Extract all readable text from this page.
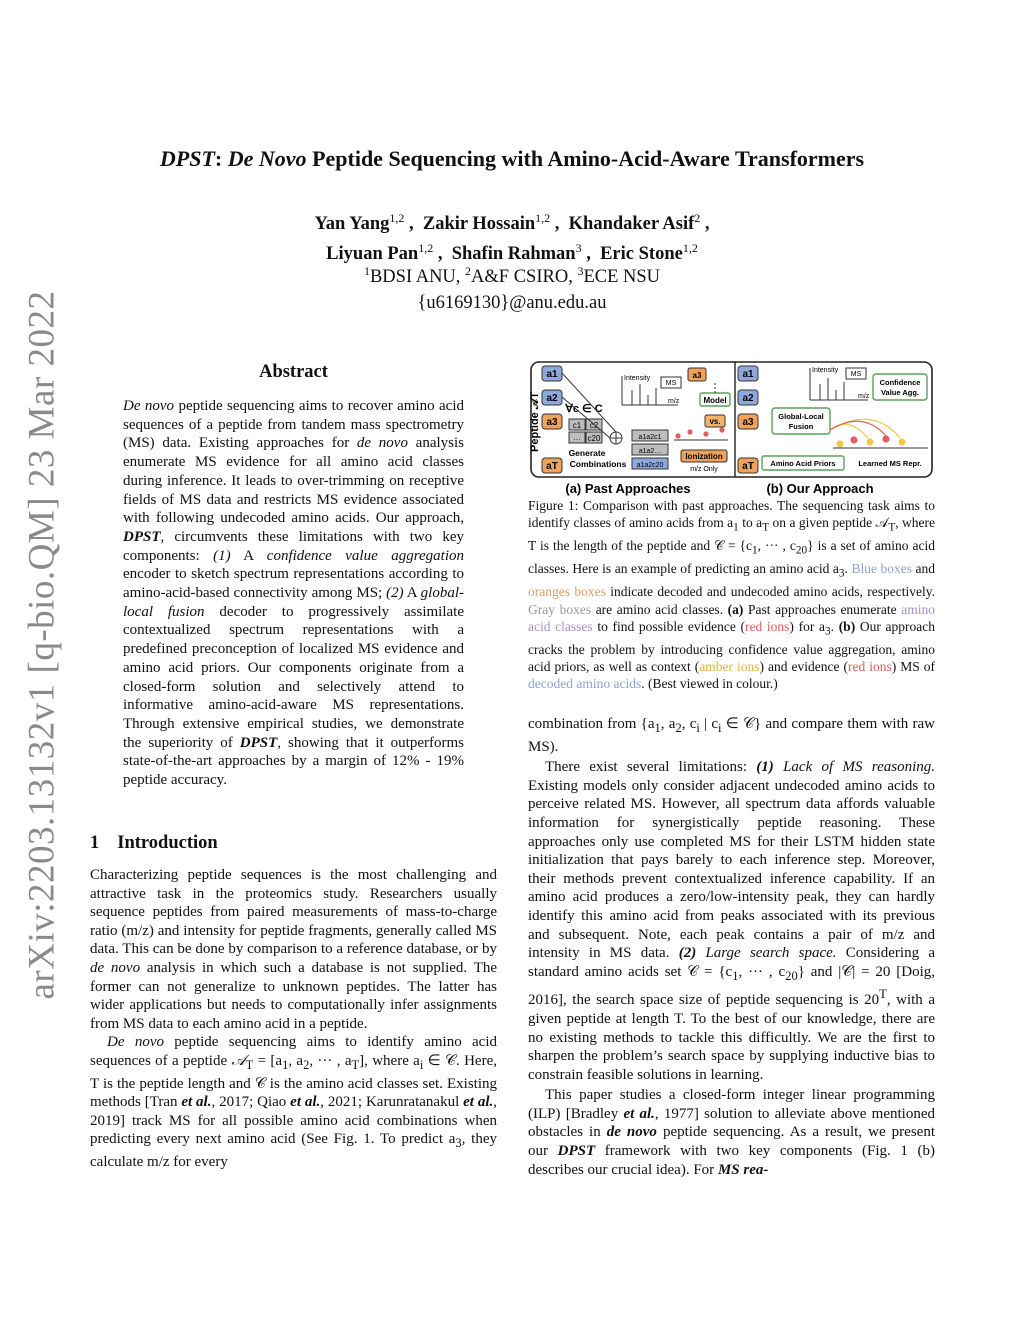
arXiv:2203.13132v1 [q-bio.QM] 23 Mar 2022
DPST: De Novo Peptide Sequencing with Amino-Acid-Aware Transformers
Yan Yang$^{1,2}$ ,  Zakir Hossain$^{1,2}$ ,  Khandaker Asif$^2$ ,
Liyuan Pan$^{1,2}$ ,  Shafin Rahman$^3$ ,  Eric Stone$^{1,2}$
$^1$BDSI ANU, $^2$A&F CSIRO, $^3$ECE NSU
{u6169130}@anu.edu.au
Abstract
De novo peptide sequencing aims to recover amino acid sequences of a peptide from tandem mass spectrometry (MS) data. Existing approaches for de novo analysis enumerate MS evidence for all amino acid classes during inference. It leads to over-trimming on receptive fields of MS data and restricts MS evidence associated with following undecoded amino acids. Our approach, DPST, circumvents these limitations with two key components: (1) A confidence value aggregation encoder to sketch spectrum representations according to amino-acid-based connectivity among MS; (2) A global-local fusion decoder to progressively assimilate contextualized spectrum representations with a predefined preconception of localized MS evidence and amino acid priors. Our components originate from a closed-form solution and selectively attend to informative amino-acid-aware MS representations. Through extensive empirical studies, we demonstrate the superiority of DPST, showing that it outperforms state-of-the-art approaches by a margin of 12% - 19% peptide accuracy.
1 Introduction

Characterizing peptide sequences is the most challenging and attractive task in the proteomics study. Researchers usually sequence peptides from paired measurements of mass-to-charge ratio (m/z) and intensity for peptide fragments, generally called MS data. This can be done by comparison to a reference database, or by de novo analysis in which such a database is not supplied. The former can not generalize to unknown peptides. The latter has wider applications but needs to computationally infer assignments from MS data to each amino acid in a peptide.

De novo peptide sequencing aims to identify amino acid sequences of a peptide 𝒜$_T$ = [$a_1$, $a_2$, ··· , $a_T$], where $a_i$ ∈ 𝒞. Here, T is the peptide length and 𝒞 is the amino acid classes set. Existing methods [Tran et al., 2017; Qiao et al., 2021; Karunratanakul et al., 2019] track MS for all possible amino acid combinations when predicting every next amino acid (See Fig. 1. To predict $a_3$, they calculate m/z for every

Peptide 𝒜T
a1
a2
a3
aT
∀c ∈ C
c1 c2
… c20
Generate
Combinations
Intensity
MS
m/z
a3
Model
vs.
a1a2c1
a1a2…
a1a2c20
Ionization
m/z Only
a1
a2
a3
aT
Intensity
MS
m/z
Confidence
Value Agg.
Global-Local
Fusion
Amino Acid Priors	Learned MS Repr.
(a) Past Approaches	(b) Our Approach
Figure 1: Comparison with past approaches. The sequencing task aims to identify classes of amino acids from $a_1$ to $a_T$ on a given peptide 𝒜$_T$, where T is the length of the peptide and 𝒞 = {$c_1$, ··· , $c_{20}$} is a set of amino acid classes. Here is an example of predicting an amino acid $a_3$. Blue boxes and oranges boxes indicate decoded and undecoded amino acids, respectively. Gray boxes are amino acid classes. (a) Past approaches enumerate amino acid classes to find possible evidence (red ions) for $a_3$. (b) Our approach cracks the problem by introducing confidence value aggregation, amino acid priors, as well as context (amber ions) and evidence (red ions) MS of decoded amino acids. (Best viewed in colour.)

combination from {$a_1$, $a_2$, $c_i$ | $c_i$ ∈ 𝒞} and compare them with raw MS).

There exist several limitations: (1) Lack of MS reasoning. Existing models only consider adjacent undecoded amino acids to perceive related MS. However, all spectrum data affords valuable information for synergistically peptide reasoning. These approaches only use completed MS for their LSTM hidden state initialization that pays barely to each inference step. Moreover, their methods prevent contextualized inference capability. If an amino acid produces a zero/low-intensity peak, they can hardly identify this amino acid from peaks associated with its previous and subsequent. Note, each peak contains a pair of m/z and intensity in MS data. (2) Large search space. Considering a standard amino acids set 𝒞 = {$c_1$, ··· , $c_{20}$} and |𝒞| = 20 [Doig, 2016], the search space size of peptide sequencing is $20^T$, with a given peptide at length T. To the best of our knowledge, there are no existing methods to tackle this difficultly. We are the first to sharpen the problem’s search space by supplying inductive bias to constrain feasible solutions in learning.

This paper studies a closed-form integer linear programming (ILP) [Bradley et al., 1977] solution to alleviate above mentioned obstacles in de novo peptide sequencing. As a result, we present our DPST framework with two key components (Fig. 1 (b) describes our crucial idea). For MS rea-
